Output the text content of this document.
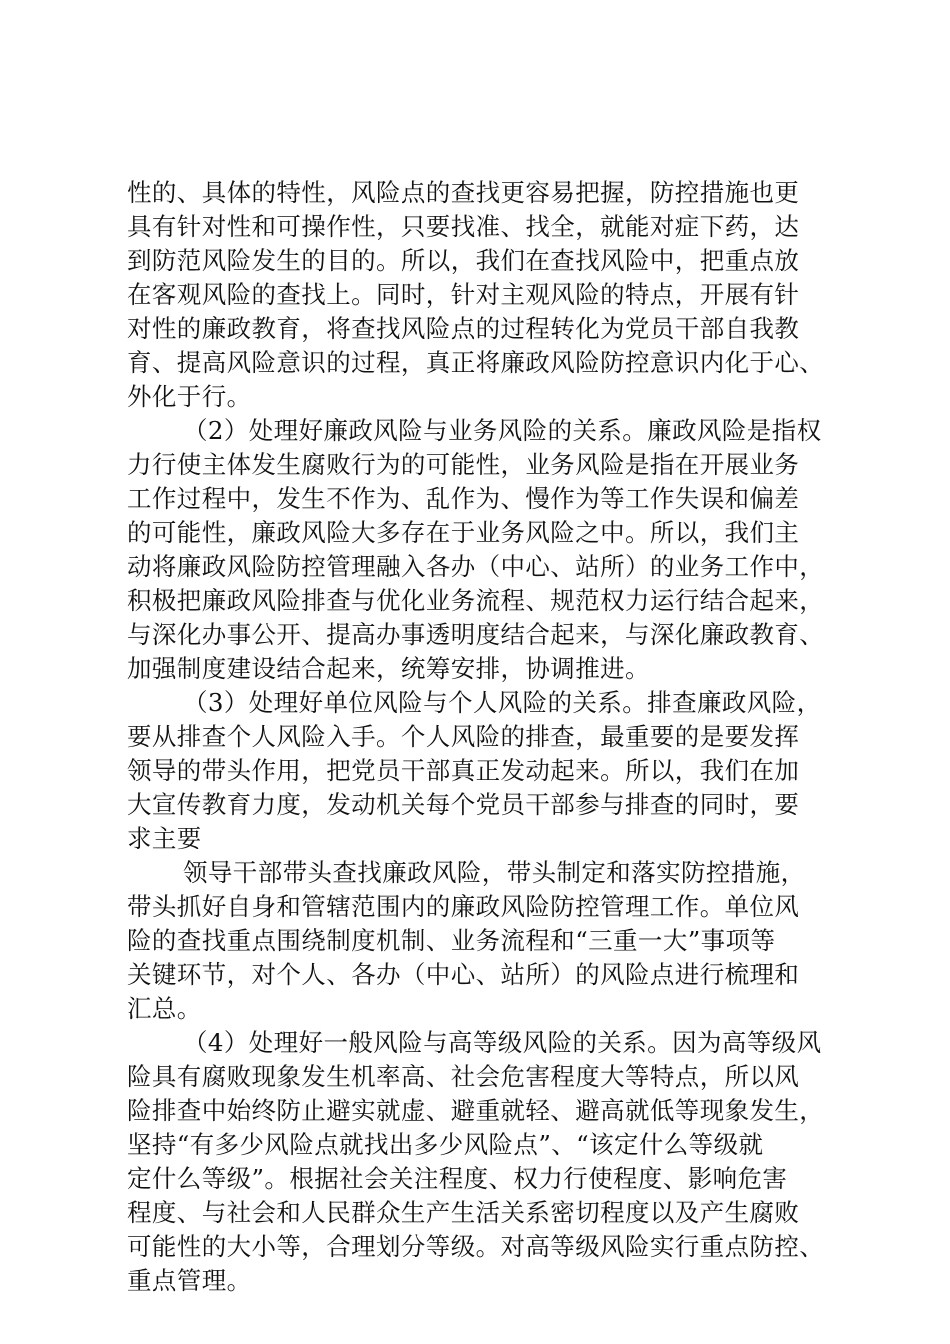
性的、具体的特性，风险点的查找更容易把握，防控措施也更
具有针对性和可操作性，只要找准、找全，就能对症下药，达
到防范风险发生的目的。所以，我们在查找风险中，把重点放
在客观风险的查找上。同时，针对主观风险的特点，开展有针
对性的廉政教育，将查找风险点的过程转化为党员干部自我教
育、提高风险意识的过程，真正将廉政风险防控意识内化于心、
外化于行。
（2）处理好廉政风险与业务风险的关系。廉政风险是指权
力行使主体发生腐败行为的可能性，业务风险是指在开展业务
工作过程中，发生不作为、乱作为、慢作为等工作失误和偏差
的可能性，廉政风险大多存在于业务风险之中。所以，我们主
动将廉政风险防控管理融入各办（中心、站所）的业务工作中，
积极把廉政风险排查与优化业务流程、规范权力运行结合起来，
与深化办事公开、提高办事透明度结合起来，与深化廉政教育、
加强制度建设结合起来，统筹安排，协调推进。
（3）处理好单位风险与个人风险的关系。排查廉政风险，
要从排查个人风险入手。个人风险的排查，最重要的是要发挥
领导的带头作用，把党员干部真正发动起来。所以，我们在加
大宣传教育力度，发动机关每个党员干部参与排查的同时，要
求主要
领导干部带头查找廉政风险，带头制定和落实防控措施，
带头抓好自身和管辖范围内的廉政风险防控管理工作。单位风
险的查找重点围绕制度机制、业务流程和“三重一大”事项等
关键环节，对个人、各办（中心、站所）的风险点进行梳理和
汇总。
（4）处理好一般风险与高等级风险的关系。因为高等级风
险具有腐败现象发生机率高、社会危害程度大等特点，所以风
险排查中始终防止避实就虚、避重就轻、避高就低等现象发生，
坚持“有多少风险点就找出多少风险点”、“该定什么等级就
定什么等级”。根据社会关注程度、权力行使程度、影响危害
程度、与社会和人民群众生产生活关系密切程度以及产生腐败
可能性的大小等，合理划分等级。对高等级风险实行重点防控、
重点管理。
